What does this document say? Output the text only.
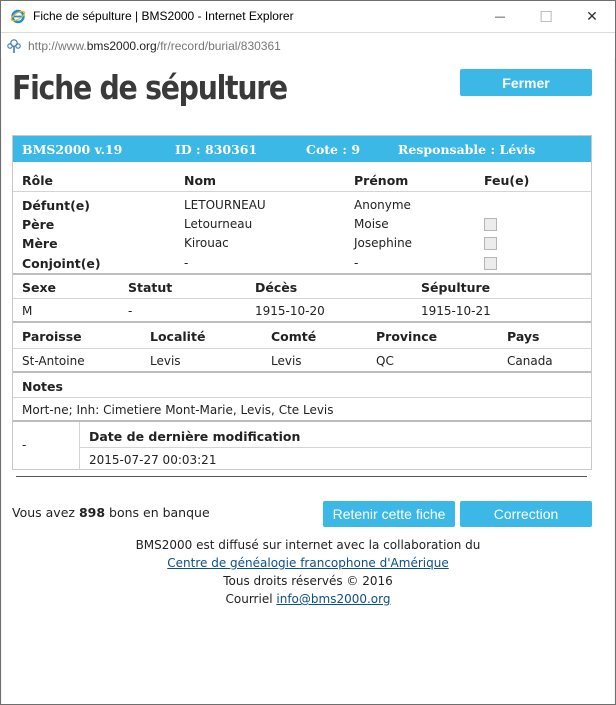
Fiche de sépulture | BMS2000 - Internet Explorer	— ☐ ✕
http://www.bms2000.org/fr/record/burial/830361
Fiche de sépulture	Fermer
BMS2000 v.19	ID : 830361	Cote : 9	Responsable : Lévis
Rôle	Nom	Prénom	Feu(e)
Défunt(e)	LETOURNEAU	Anonyme
Père	Letourneau	Moise
Mère	Kirouac	Josephine
Conjoint(e)	-	-
Sexe	Statut	Décès	Sépulture
M	-	1915-10-20	1915-10-21
Paroisse	Localité	Comté	Province	Pays
St-Antoine	Levis	Levis	QC	Canada
Notes
Mort-ne; Inh: Cimetiere Mont-Marie, Levis, Cte Levis
-
Date de dernière modification
2015-07-27 00:03:21
Vous avez 898 bons en banque	Retenir cette fiche	Correction
BMS2000 est diffusé sur internet avec la collaboration du
Centre de généalogie francophone d'Amérique
Tous droits réservés © 2016
Courriel info@bms2000.org
